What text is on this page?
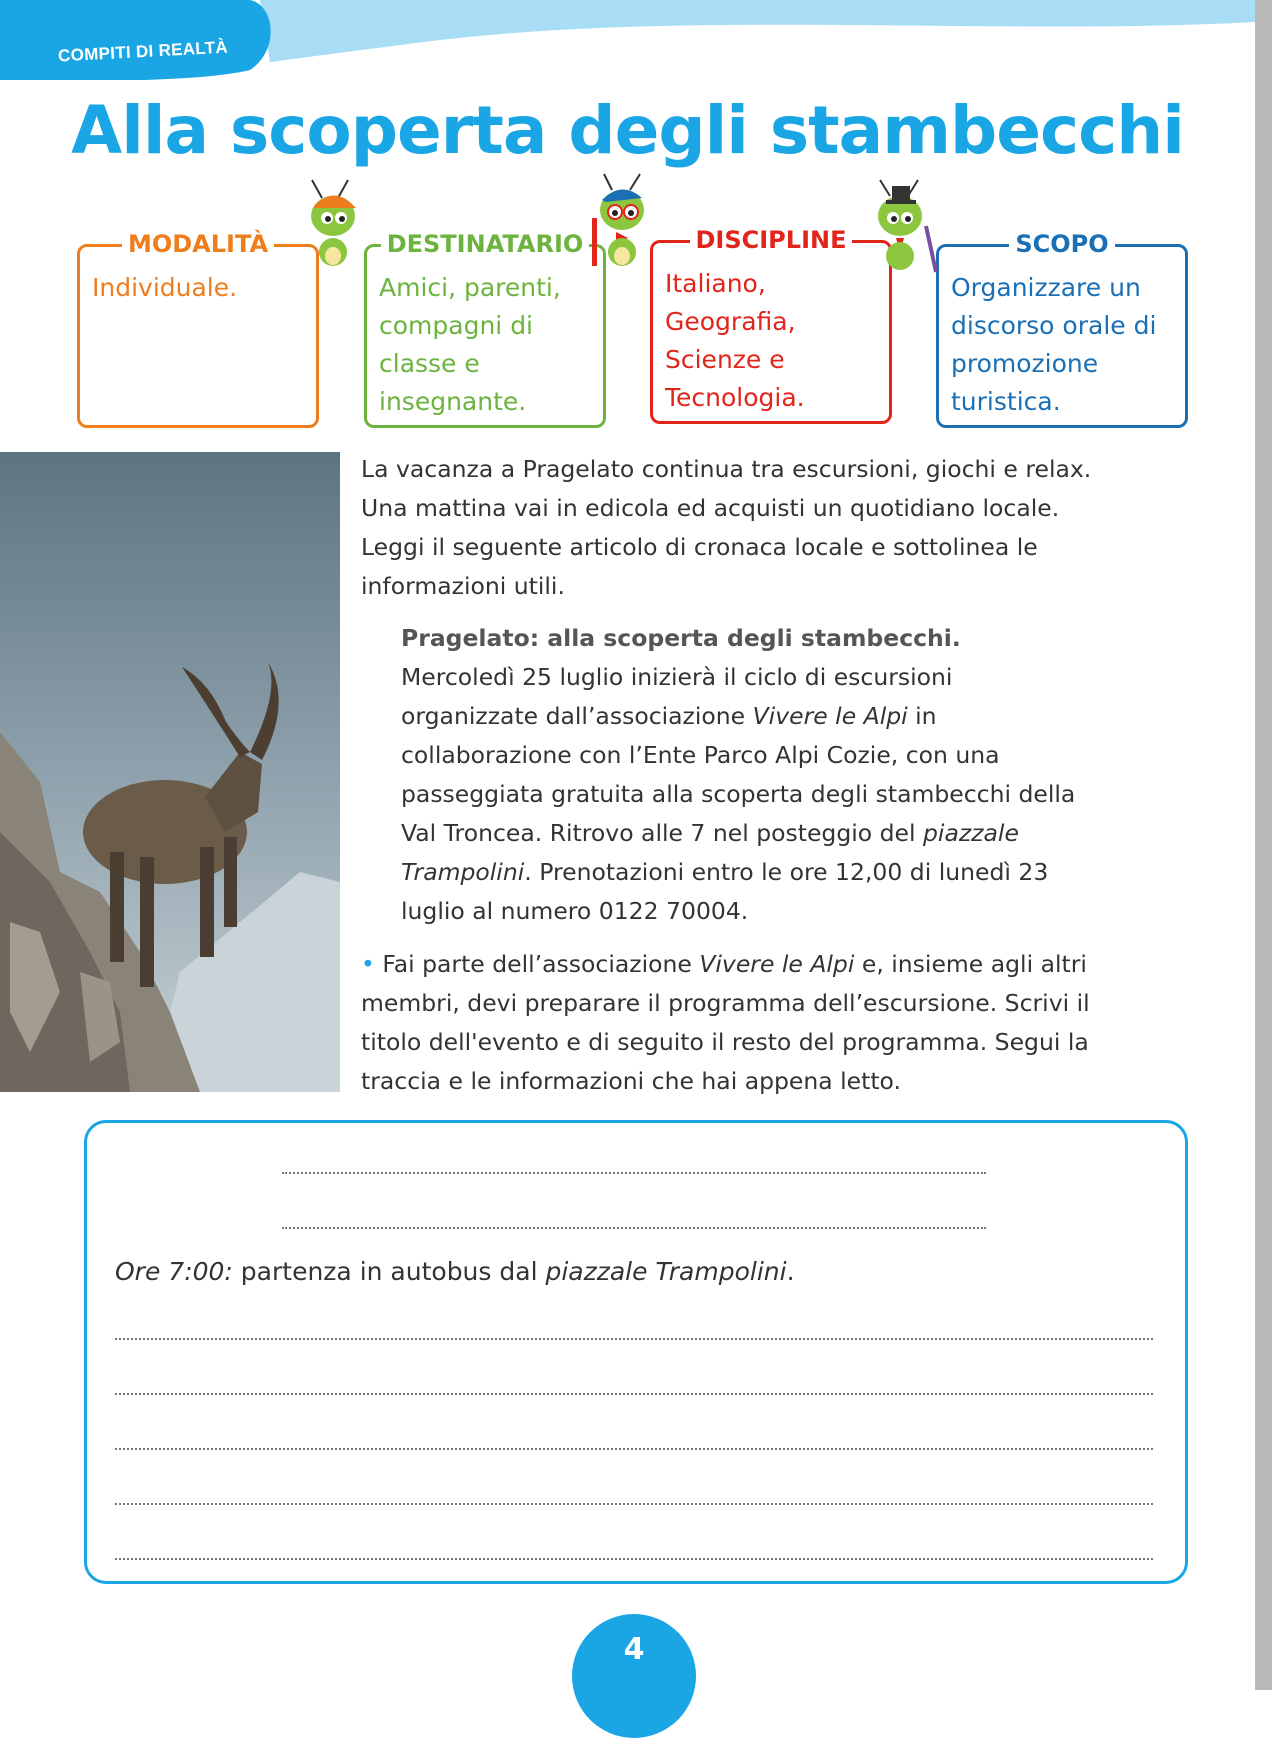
COMPITI DI REALTÀ
Alla scoperta degli stambecchi
MODALITÀ
Individuale.
DESTINATARIO
Amici, parenti, compagni di classe e insegnante.
DISCIPLINE
Italiano, Geografia, Scienze e Tecnologia.
SCOPO
Organizzare un discorso orale di promozione turistica.
La vacanza a Pragelato continua tra escursioni, giochi e relax.
Una mattina vai in edicola ed acquisti un quotidiano locale.
Leggi il seguente articolo di cronaca locale e sottolinea le
informazioni utili.
Pragelato: alla scoperta degli stambecchi.
Mercoledì 25 luglio inizierà il ciclo di escursioni
organizzate dall’associazione Vivere le Alpi in
collaborazione con l’Ente Parco Alpi Cozie, con una
passeggiata gratuita alla scoperta degli stambecchi della
Val Troncea. Ritrovo alle 7 nel posteggio del piazzale
Trampolini. Prenotazioni entro le ore 12,00 di lunedì 23
luglio al numero 0122 70004.
• Fai parte dell’associazione Vivere le Alpi e, insieme agli altri
membri, devi preparare il programma dell’escursione. Scrivi il
titolo dell'evento e di seguito il resto del programma. Segui la
traccia e le informazioni che hai appena letto.
Ore 7:00: partenza in autobus dal piazzale Trampolini.
4
